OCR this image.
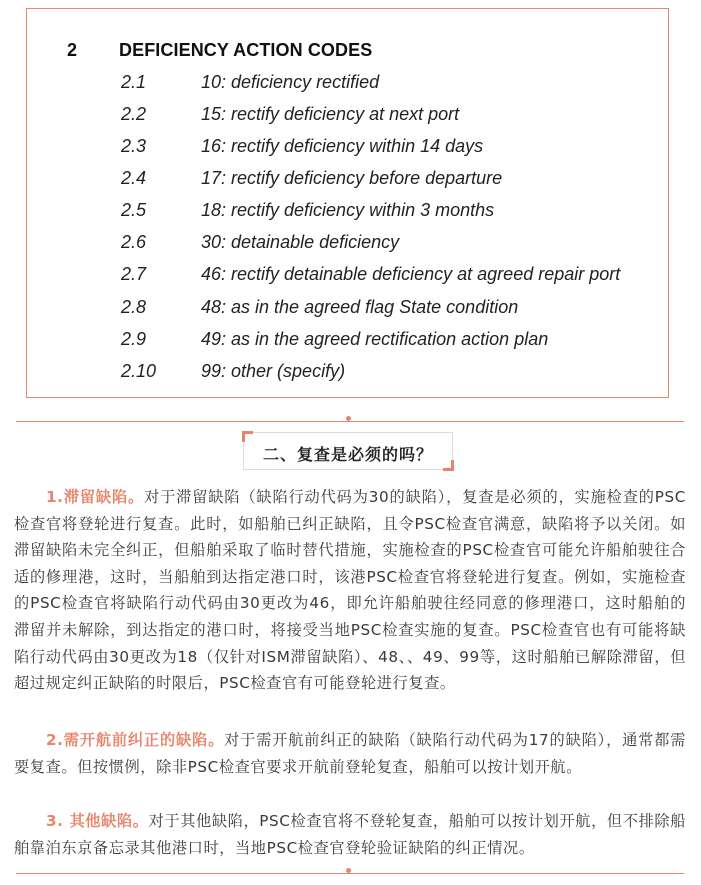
2 DEFICIENCY ACTION CODES
2.1	10: deficiency rectified
2.2	15: rectify deficiency at next port
2.3	16: rectify deficiency within 14 days
2.4	17: rectify deficiency before departure
2.5	18: rectify deficiency within 3 months
2.6	30: detainable deficiency
2.7	46: rectify detainable deficiency at agreed repair port
2.8	48: as in the agreed flag State condition
2.9	49: as in the agreed rectification action plan
2.10 99: other (specify)
二、复查是必须的吗？
1.滞留缺陷。对于滞留缺陷（缺陷行动代码为30的缺陷），复查是必须的，实施检查的PSC检查官将登轮进行复查。此时，如船舶已纠正缺陷，且令PSC检查官满意，缺陷将予以关闭。如滞留缺陷未完全纠正，但船舶采取了临时替代措施，实施检查的PSC检查官可能允许船舶驶往合适的修理港，这时，当船舶到达指定港口时，该港PSC检查官将登轮进行复查。例如，实施检查的PSC检查官将缺陷行动代码由30更改为46，即允许船舶驶往经同意的修理港口，这时船舶的滞留并未解除，到达指定的港口时，将接受当地PSC检查实施的复查。PSC检查官也有可能将缺陷行动代码由30更改为18（仅针对ISM滞留缺陷）、48、、49、99等，这时船舶已解除滞留，但超过规定纠正缺陷的时限后，PSC检查官有可能登轮进行复查。
2.需开航前纠正的缺陷。对于需开航前纠正的缺陷（缺陷行动代码为17的缺陷），通常都需要复查。但按惯例，除非PSC检查官要求开航前登轮复查，船舶可以按计划开航。
3. 其他缺陷。对于其他缺陷，PSC检查官将不登轮复查，船舶可以按计划开航，但不排除船舶靠泊东京备忘录其他港口时，当地PSC检查官登轮验证缺陷的纠正情况。
